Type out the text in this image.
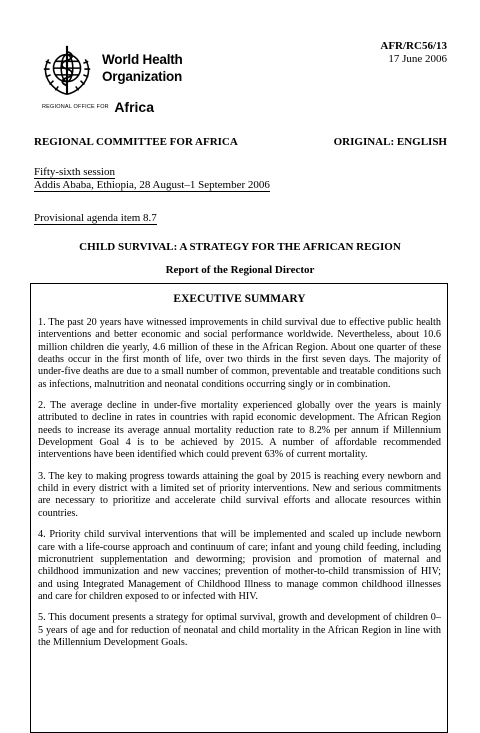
World Health
Organization
REGIONAL OFFICE FOR Africa
AFR/RC56/13
17 June 2006
REGIONAL COMMITTEE FOR AFRICA	ORIGINAL: ENGLISH
Fifty-sixth session
Addis Ababa, Ethiopia, 28 August–1 September 2006
Provisional agenda item 8.7
CHILD SURVIVAL: A STRATEGY FOR THE AFRICAN REGION
Report of the Regional Director
EXECUTIVE SUMMARY

1. The past 20 years have witnessed improvements in child survival due to effective public health interventions and better economic and social performance worldwide. Nevertheless, about 10.6 million children die yearly, 4.6 million of these in the African Region. About one quarter of these deaths occur in the first month of life, over two thirds in the first seven days. The majority of under-five deaths are due to a small number of common, preventable and treatable conditions such as infections, malnutrition and neonatal conditions occurring singly or in combination.

2. The average decline in under-five mortality experienced globally over the years is mainly attributed to decline in rates in countries with rapid economic development. The African Region needs to increase its average annual mortality reduction rate to 8.2% per annum if Millennium Development Goal 4 is to be achieved by 2015. A number of affordable recommended interventions have been identified which could prevent 63% of current mortality.

3. The key to making progress towards attaining the goal by 2015 is reaching every newborn and child in every district with a limited set of priority interventions. New and serious commitments are necessary to prioritize and accelerate child survival efforts and allocate resources within countries.

4. Priority child survival interventions that will be implemented and scaled up include newborn care with a life-course approach and continuum of care; infant and young child feeding, including micronutrient supplementation and deworming; provision and promotion of maternal and childhood immunization and new vaccines; prevention of mother-to-child transmission of HIV; and using Integrated Management of Childhood Illness to manage common childhood illnesses and care for children exposed to or infected with HIV.

5. This document presents a strategy for optimal survival, growth and development of children 0–5 years of age and for reduction of neonatal and child mortality in the African Region in line with the Millennium Development Goals.
